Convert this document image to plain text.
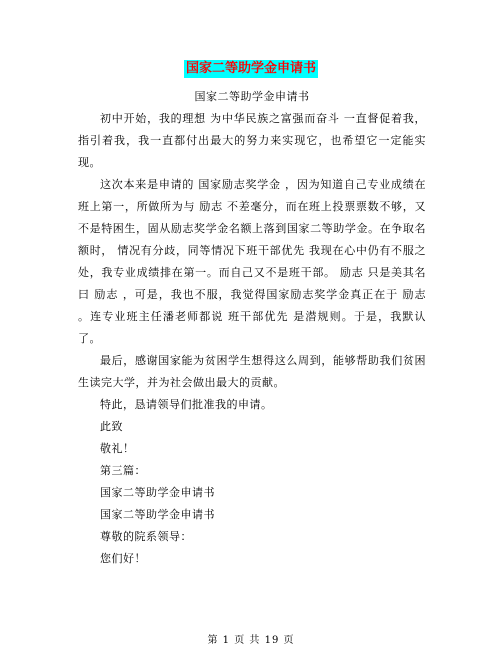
国家二等助学金申请书

国家二等助学金申请书

初中开始，我的理想 为中华民族之富强而奋斗 一直督促着我，指引着我，我一直都付出最大的努力来实现它，也希望它一定能实现。

这次本来是申请的 国家励志奖学金 ，因为知道自己专业成绩在班上第一，所做所为与 励志 不差毫分，而在班上投票票数不够，又不是特困生，固从励志奖学金名额上落到国家二等助学金。在争取名额时， 情况有分歧，同等情况下班干部优先 我现在心中仍有不服之处，我专业成绩排在第一。而自己又不是班干部。 励志 只是美其名曰 励志 ，可是，我也不服，我觉得国家励志奖学金真正在于 励志 。连专业班主任潘老师都说 班干部优先 是潜规则。于是，我默认了。

最后，感谢国家能为贫困学生想得这么周到，能够帮助我们贫困生读完大学，并为社会做出最大的贡献。

特此，恳请领导们批准我的申请。

此致

敬礼！

第三篇：

国家二等助学金申请书

国家二等助学金申请书

尊敬的院系领导：

您们好！

第 1 页 共 19 页
